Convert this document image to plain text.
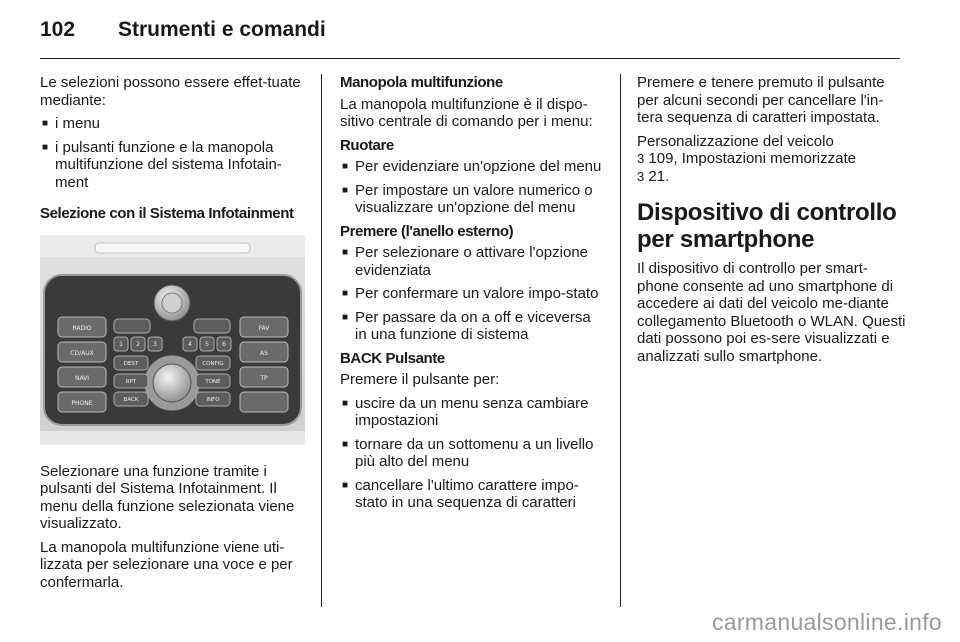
102	Strumenti e comandi

Le selezioni possono essere effet-tuate mediante:

■ i menu
■ i pulsanti funzione e la manopola multifunzione del sistema Infotain-ment
Selezione con il Sistema Infotainment
RADIO
CD/AUX
NAVI
PHONE
FAV
AS
TP
1 2 3	4 5 6
DEST	CONFIG
RPT	TONE
BACK	INFO

Selezionare una funzione tramite i pulsanti del Sistema Infotainment. Il menu della funzione selezionata viene visualizzato.

La manopola multifunzione viene uti-lizzata per selezionare una voce e per confermarla.

Manopola multifunzione

La manopola multifunzione è il dispo-sitivo centrale di comando per i menu:

Ruotare
■ Per evidenziare un'opzione del menu
■ Per impostare un valore numerico o visualizzare un'opzione del menu
Premere (l'anello esterno)
■ Per selezionare o attivare l'opzione evidenziata
■ Per confermare un valore impo-stato
■ Per passare da on a off e viceversa in una funzione di sistema
BACK Pulsante

Premere il pulsante per:

■ uscire da un menu senza cambiare impostazioni
■ tornare da un sottomenu a un livello più alto del menu
■ cancellare l'ultimo carattere impo-stato in una sequenza di caratteri

Premere e tenere premuto il pulsante per alcuni secondi per cancellare l'in-tera sequenza di caratteri impostata.

Personalizzazione del veicolo
3 109, Impostazioni memorizzate
3 21.

Dispositivo di controllo per smartphone

Il dispositivo di controllo per smart-phone consente ad uno smartphone di accedere ai dati del veicolo me-diante collegamento Bluetooth o WLAN. Questi dati possono poi es-sere visualizzati e analizzati sullo smartphone.

carmanualsonline.info
